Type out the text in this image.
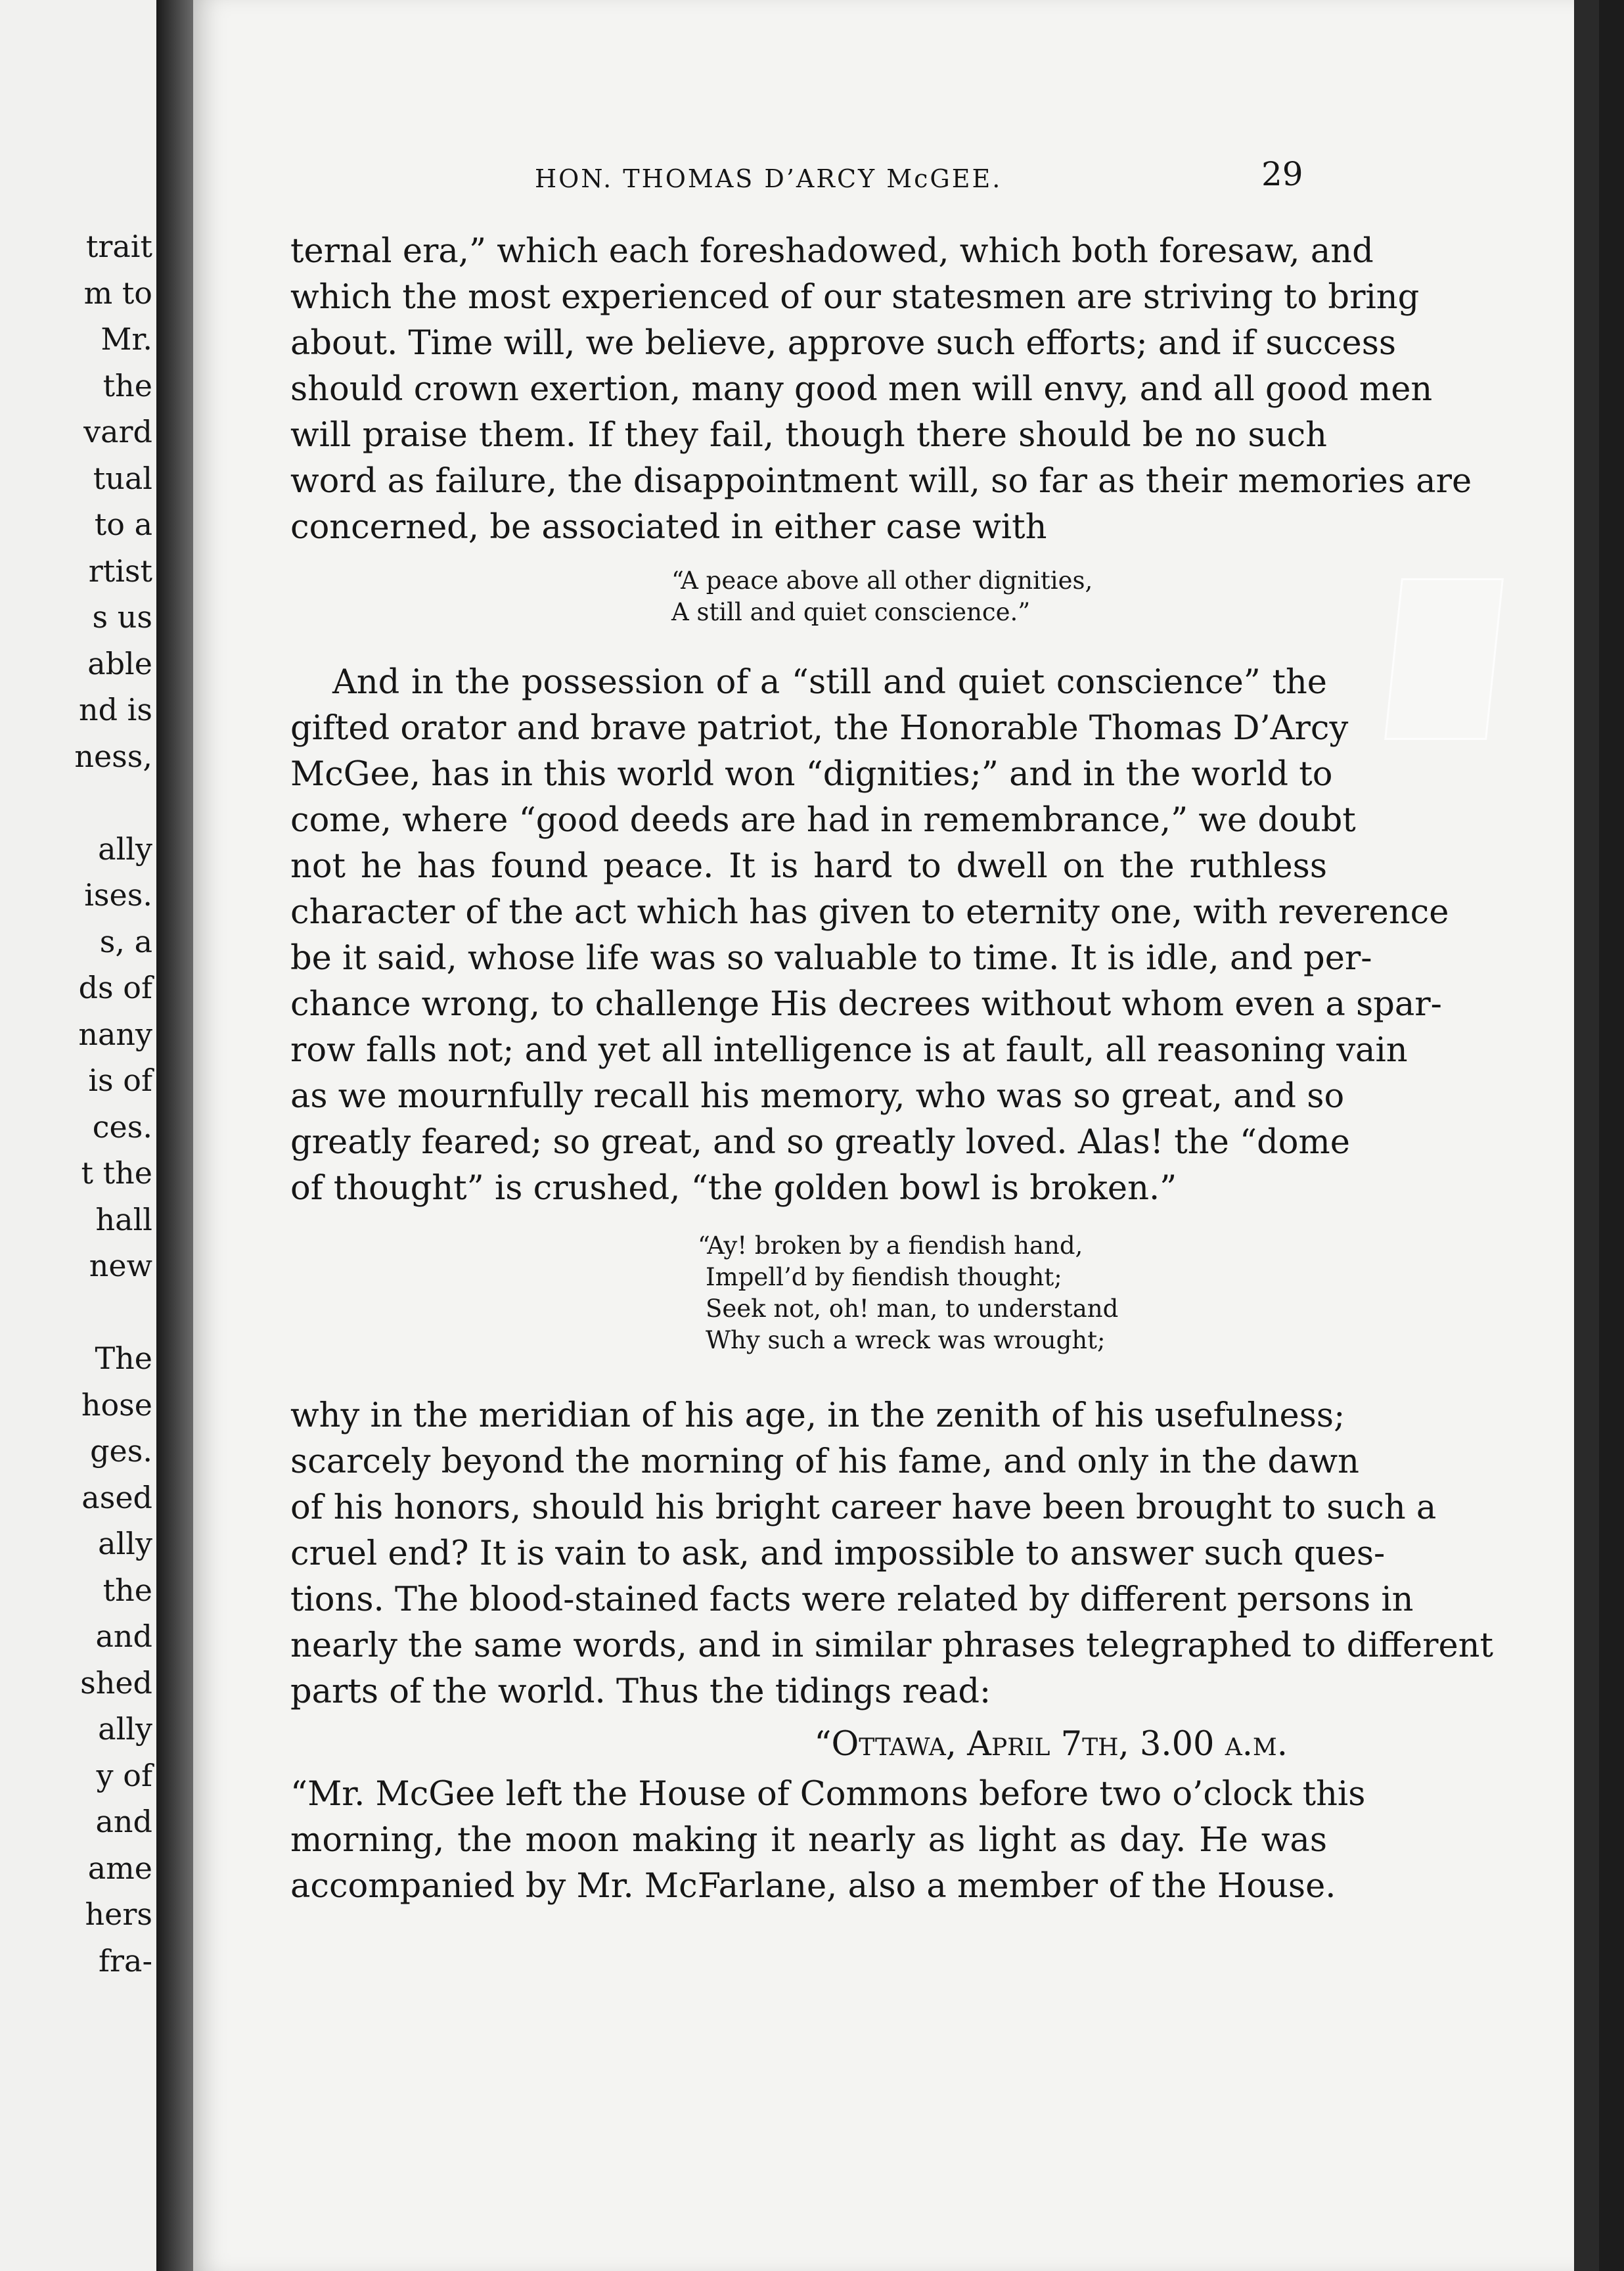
trait
m to
Mr.
the
vard
tual
to a
rtist
s us
able
nd is
ness,
ally
ises.
s, a
ds of
nany
is of
ces.
t the
hall
new
The
hose
ges.
ased
ally
the
and
shed
ally
y of
and
ame
hers
fra-
HON. THOMAS D’ARCY McGEE.	29
ternal era,” which each foreshadowed, which both foresaw, and
which the most experienced of our statesmen are striving to bring
about. Time will, we believe, approve such efforts; and if success
should crown exertion, many good men will envy, and all good men
will praise them. If they fail, though there should be no such
word as failure, the disappointment will, so far as their memories are
concerned, be associated in either case with
“A peace above all other dignities,
A still and quiet conscience.”
And in the possession of a “still and quiet conscience” the
gifted orator and brave patriot, the Honorable Thomas D’Arcy
McGee, has in this world won “dignities;” and in the world to
come, where “good deeds are had in remembrance,” we doubt
not he has found peace. It is hard to dwell on the ruthless
character of the act which has given to eternity one, with reverence
be it said, whose life was so valuable to time. It is idle, and per-
chance wrong, to challenge His decrees without whom even a spar-
row falls not; and yet all intelligence is at fault, all reasoning vain
as we mournfully recall his memory, who was so great, and so
greatly feared; so great, and so greatly loved. Alas! the “dome
of thought” is crushed, “the golden bowl is broken.”
“Ay! broken by a fiendish hand,
Impell’d by fiendish thought;
Seek not, oh! man, to understand
Why such a wreck was wrought;
why in the meridian of his age, in the zenith of his usefulness;
scarcely beyond the morning of his fame, and only in the dawn
of his honors, should his bright career have been brought to such a
cruel end? It is vain to ask, and impossible to answer such ques-
tions. The blood-stained facts were related by different persons in
nearly the same words, and in similar phrases telegraphed to different
parts of the world. Thus the tidings read:
“Ottawa, April 7th, 3.00 a.m.
“Mr. McGee left the House of Commons before two o’clock this
morning, the moon making it nearly as light as day. He was
accompanied by Mr. McFarlane, also a member of the House.
